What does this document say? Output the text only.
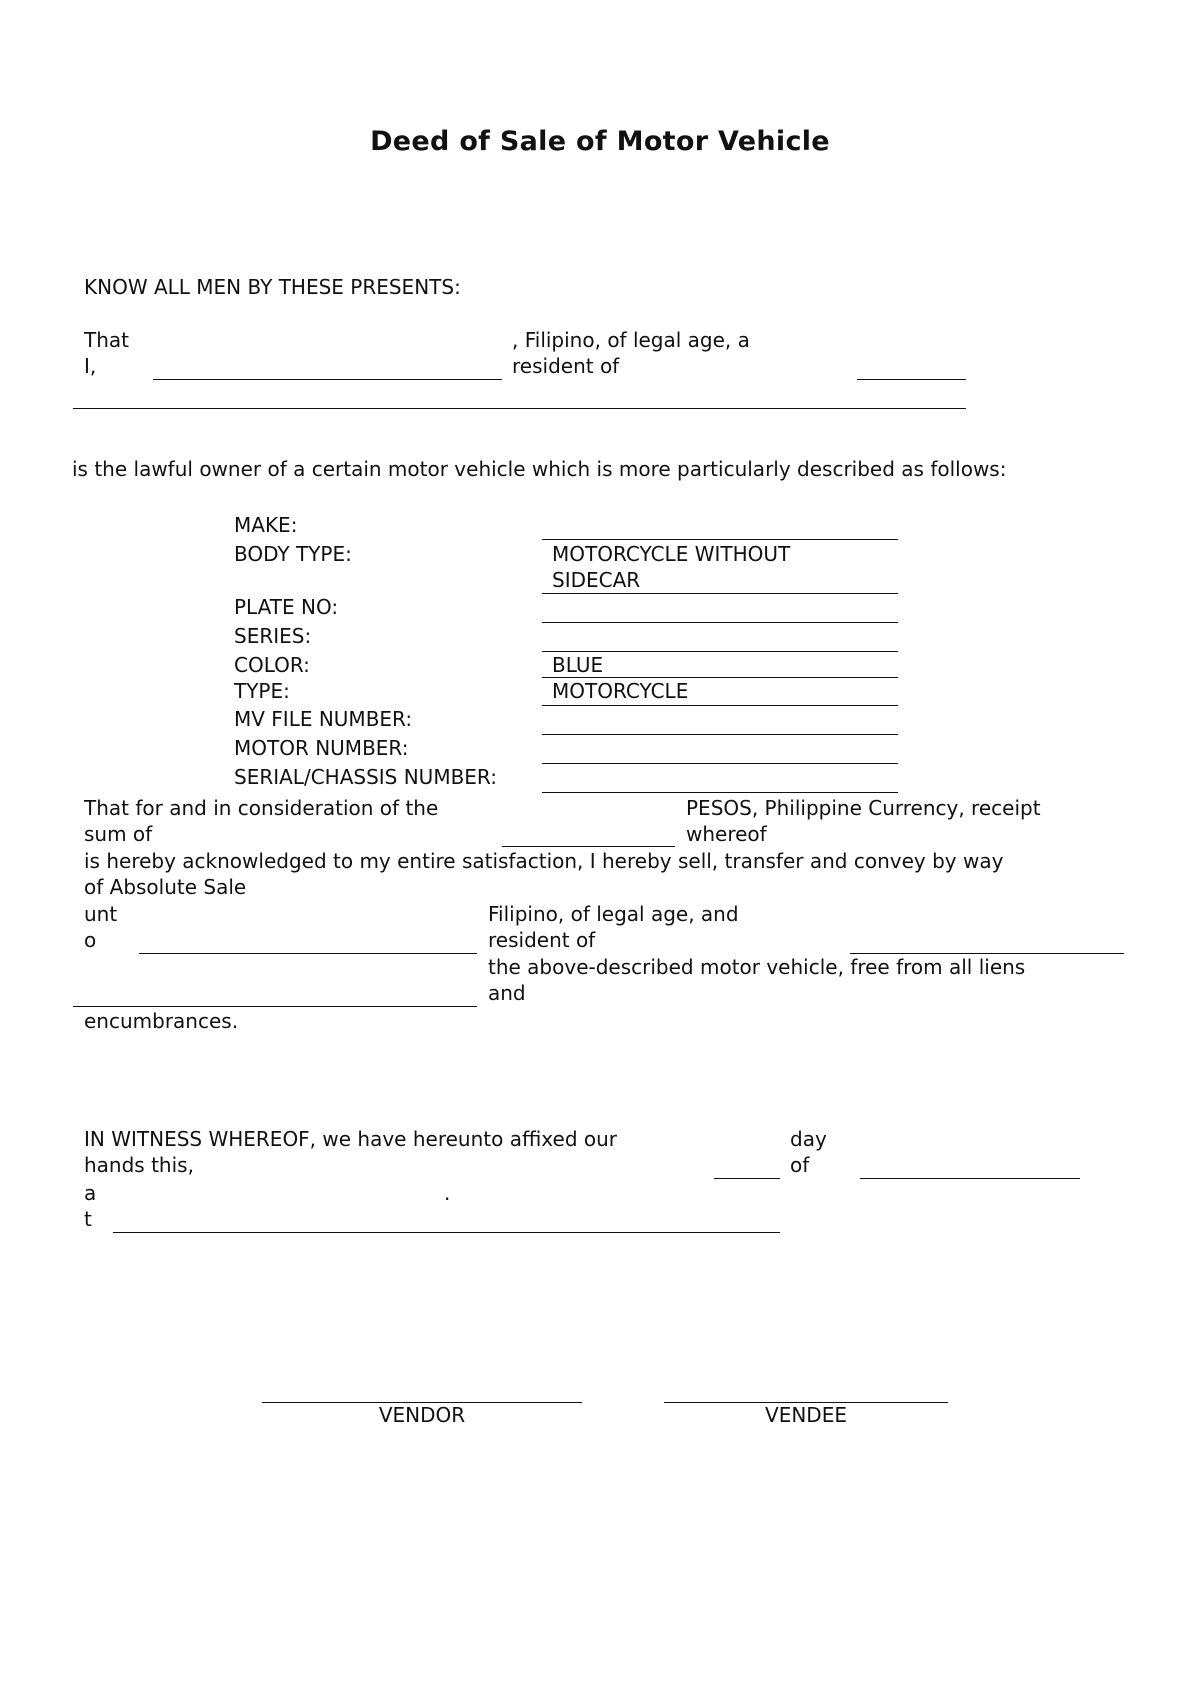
Deed of Sale of Motor Vehicle
KNOW ALL MEN BY THESE PRESENTS:
That
I,
, Filipino, of legal age, a
resident of
is the lawful owner of a certain motor vehicle which is more particularly described as follows:
MAKE:
BODY TYPE:	MOTORCYCLE WITHOUT
SIDECAR
PLATE NO:
SERIES:
COLOR:	BLUE
TYPE:	MOTORCYCLE
MV FILE NUMBER:
MOTOR NUMBER:
SERIAL/CHASSIS NUMBER:
That for and in consideration of the
sum of
PESOS, Philippine Currency, receipt
whereof
is hereby acknowledged to my entire satisfaction, I hereby sell, transfer and convey by way
of Absolute Sale
unt
o
Filipino, of legal age, and
resident of
the above-described motor vehicle, free from all liens
and
encumbrances.
IN WITNESS WHEREOF, we have hereunto affixed our
hands this,
day
of
a
t
.
VENDOR	VENDEE
